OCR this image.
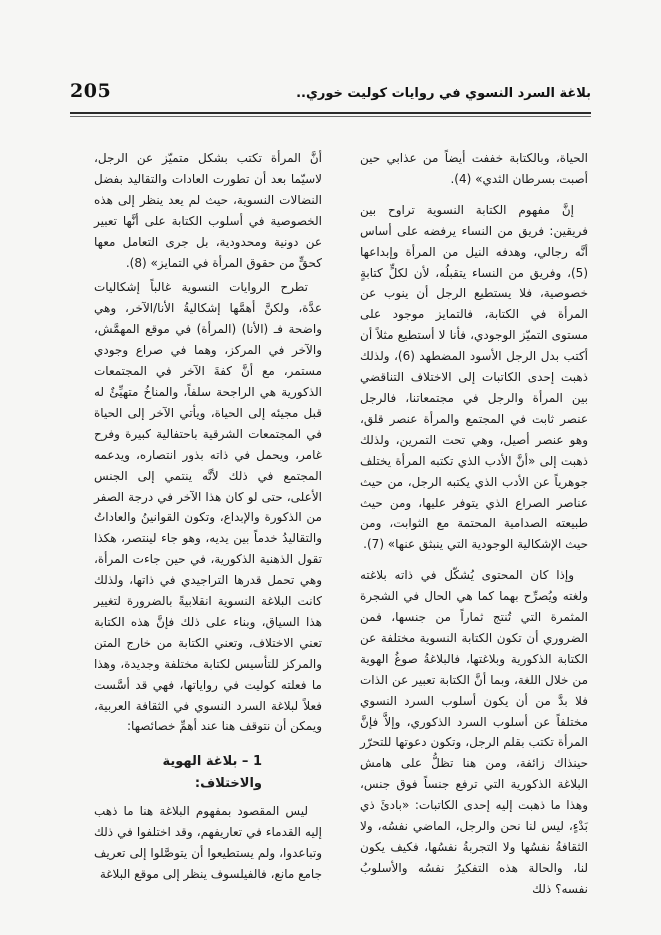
205	بلاغة السرد النسوي في روايات كوليت خوري..

الحياة، وبالكتابة خففت أيضاً من عذابي حين أصبت بسرطان الثدي» (4).

إنَّ مفهوم الكتابة النسوية تراوح بين فريقين: فريق من النساء يرفضه على أساس أنَّه رجالي، وهدفه النيل من المرأة وإبداعها (5)، وفريق من النساء يتقبلُه، لأن لكلٍّ كتابةٍ خصوصية، فلا يستطيع الرجل أن ينوب عن المرأة في الكتابة، فالتمايز موجود على مستوى التميّز الوجودي، فأنا لا أستطيع مثلاً أن أكتب بدل الرجل الأسود المضطهد (6)، ولذلك ذهبت إحدى الكاتبات إلى الاختلاف التناقضي بين المرأة والرجل في مجتمعاتنا، فالرجل عنصر ثابت في المجتمع والمرأة عنصر قلق، وهو عنصر أصيل، وهي تحت التمرين، ولذلك ذهبت إلى «أنَّ الأدب الذي تكتبه المرأة يختلف جوهرياً عن الأدب الذي يكتبه الرجل، من حيث عناصر الصراع الذي يتوفر عليها، ومن حيث طبيعته الصدامية المحتمة مع الثوابت، ومن حيث الإشكالية الوجودية التي ينبثق عنها» (7).

وإذا كان المحتوى يُشكّل في ذاته بلاغته ولغته ويُصرِّح بهما كما هي الحال في الشجرة المثمرة التي تُنتج ثماراً من جنسها، فمن الضروري أن تكون الكتابة النسوية مختلفة عن الكتابة الذكورية وبلاغتها، فالبلاغةُ صوغُ الهوية من خلال اللغة، وبما أنَّ الكتابة تعبير عن الذات فلا بدَّ من أن يكون أسلوب السرد النسوي مختلفاً عن أسلوب السرد الذكوري، وإلاَّ فإنَّ المرأة تكتب بقلم الرجل، وتكون دعوتها للتحرّر حينذاك زائفة، ومن هنا تظلُّ على هامش البلاغة الذكورية التي ترفع جنساً فوق جنس، وهذا ما ذهبت إليه إحدى الكاتبات: «بادئَ ذي بَدْءٍ، ليس لنا نحن والرجل، الماضي نفسُه، ولا الثقافةُ نفسُها ولا التجربةُ نفسُها، فكيف يكون لنا، والحالة هذه التفكيرُ نفسُه والأسلوبُ نفسه؟ ذلك

أنَّ المرأة تكتب بشكل متميّز عن الرجل، لاسيّما بعد أن تطورت العادات والتقاليد بفضل النضالات النسوية، حيث لم يعد ينظر إلى هذه الخصوصية في أسلوب الكتابة على أنَّها تعبير عن دونية ومحدودية، بل جرى التعامل معها كحقٍّ من حقوق المرأة في التمايز» (8).

تطرح الروايات النسوية غالباً إشكاليات عدَّة، ولكنَّ أهمَّها إشكاليةُ الأنا/الآخر، وهي واضحة فـ (الأنا) (المرأة) في موقع المهمَّش، والآخر في المركز، وهما في صراع وجودي مستمر، مع أنَّ كفةَ الآخر في المجتمعات الذكورية هي الراجحة سلفاً، والمناخُ متهيِّئٌ له قبل مجيئه إلى الحياة، ويأتي الآخر إلى الحياة في المجتمعات الشرقية باحتفالية كبيرة وفرح غامر، ويحمل في ذاته بذور انتصاره، ويدعمه المجتمع في ذلك لأنَّه ينتمي إلى الجنس الأعلى، حتى لو كان هذا الآخر في درجة الصفر من الذكورة والإبداع، وتكون القوانينُ والعاداتُ والتقاليدُ خدماً بين يديه، وهو جاء لينتصر، هكذا تقول الذهنية الذكورية، في حين جاءت المرأة، وهي تحمل قدرها التراجيدي في ذاتها، ولذلك كانت البلاغة النسوية انقلابيةً بالضرورة لتغيير هذا السياق، وبناء على ذلك فإنَّ هذه الكتابة تعني الاختلاف، وتعني الكتابة من خارج المتن والمركز للتأسيس لكتابة مختلفة وجديدة، وهذا ما فعلته كوليت في رواياتها، فهي قد أسَّست فعلاً لبلاغة السرد النسوي في الثقافة العربية، ويمكن أن نتوقف هنا عند أهمِّ خصائصها:

1 – بلاغة الهوية والاختلاف:

ليس المقصود بمفهوم البلاغة هنا ما ذهب إليه القدماء في تعاريفهم، وقد اختلفوا في ذلك وتباعدوا، ولم يستطيعوا أن يتوصَّلوا إلى تعريف جامع مانع، فالفيلسوف ينظر إلى موقع البلاغة
